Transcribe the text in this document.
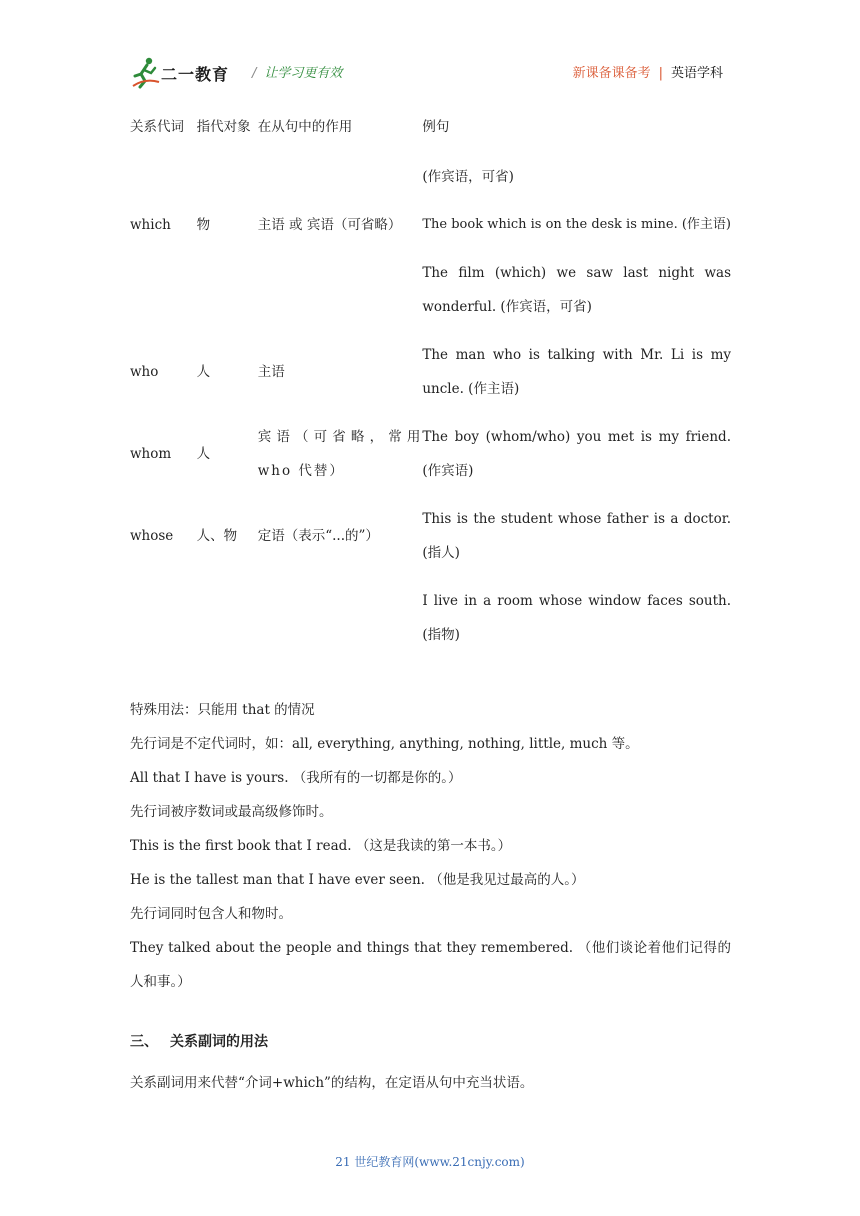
二一教育 / 让学习更有效	新课备课备考 | 英语学科
关系代词	指代对象	在从句中的作用	例句

			(作宾语，可省)

which	物	主语 或 宾语（可省略）	The book which is on the desk is mine. (作主语)

			The film (which) we saw last night was wonderful. (作宾语，可省)

who	人	主语	The man who is talking with Mr. Li is my uncle. (作主语)

whom	人	宾语（可省略，常用 who 代替）	The boy (whom/who) you met is my friend. (作宾语)

whose	人、物	定语（表示“...的”）	This is the student whose father is a doctor. (指人)

			I live in a room whose window faces south. (指物)

特殊用法：只能用 that 的情况

先行词是不定代词时，如：all, everything, anything, nothing, little, much 等。

All that I have is yours. （我所有的一切都是你的。）

先行词被序数词或最高级修饰时。

This is the first book that I read. （这是我读的第一本书。）

He is the tallest man that I have ever seen. （他是我见过最高的人。）

先行词同时包含人和物时。

They talked about the people and things that they remembered. （他们谈论着他们记得的人和事。）

三、 关系副词的用法
关系副词用来代替“介词+which”的结构，在定语从句中充当状语。
21 世纪教育网(www.21cnjy.com)
